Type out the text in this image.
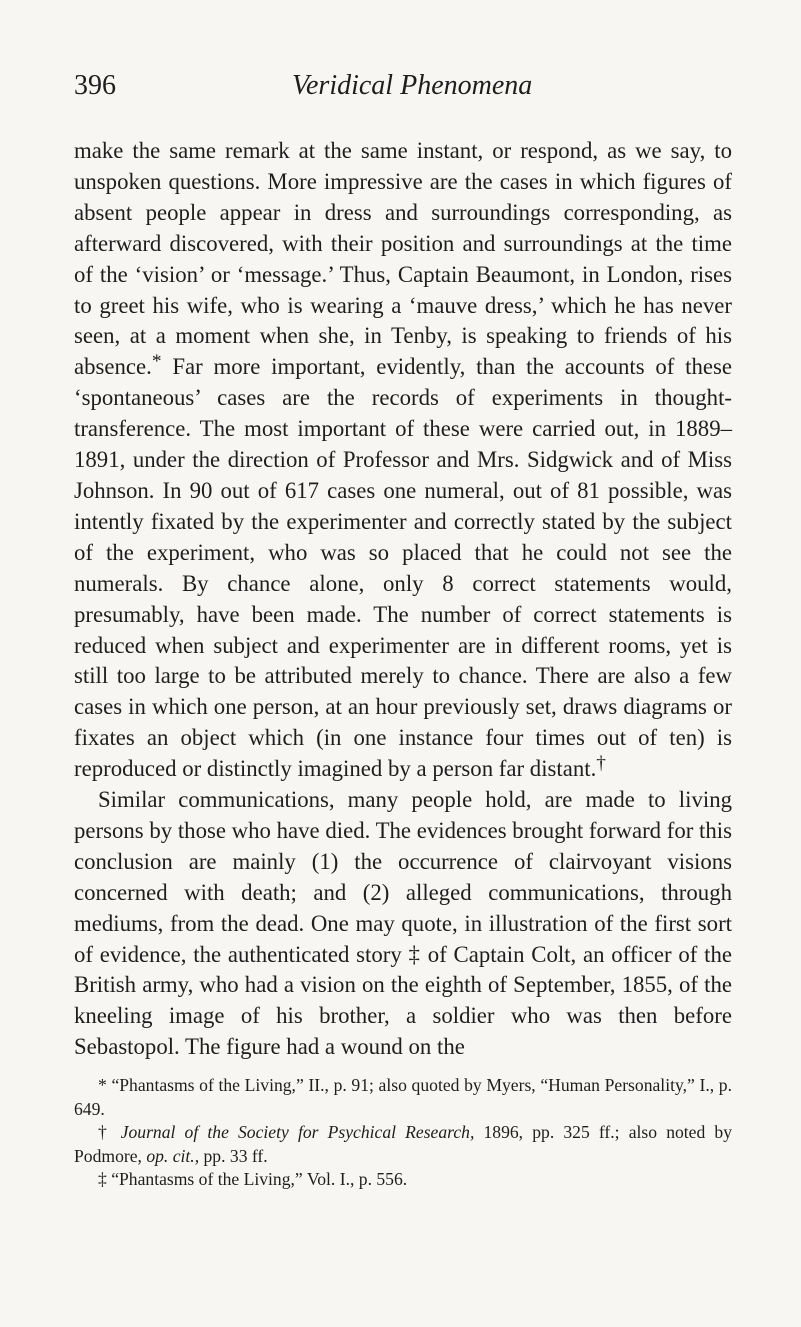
396	Veridical Phenomena

make the same remark at the same instant, or respond, as we say, to unspoken questions. More impressive are the cases in which figures of absent people appear in dress and surroundings corresponding, as afterward discovered, with their position and surroundings at the time of the ‘vision’ or ‘message.’ Thus, Captain Beaumont, in London, rises to greet his wife, who is wearing a ‘mauve dress,’ which he has never seen, at a moment when she, in Tenby, is speaking to friends of his absence.* Far more important, evidently, than the accounts of these ‘spontaneous’ cases are the records of experiments in thought-transference. The most important of these were carried out, in 1889–1891, under the direction of Professor and Mrs. Sidgwick and of Miss Johnson. In 90 out of 617 cases one numeral, out of 81 possible, was intently fixated by the experimenter and correctly stated by the subject of the experiment, who was so placed that he could not see the numerals. By chance alone, only 8 correct statements would, presumably, have been made. The number of correct statements is reduced when subject and experimenter are in different rooms, yet is still too large to be attributed merely to chance. There are also a few cases in which one person, at an hour previously set, draws diagrams or fixates an object which (in one instance four times out of ten) is reproduced or distinctly imagined by a person far distant.†

Similar communications, many people hold, are made to living persons by those who have died. The evidences brought forward for this conclusion are mainly (1) the occurrence of clairvoyant visions concerned with death; and (2) alleged communications, through mediums, from the dead. One may quote, in illustration of the first sort of evidence, the authenticated story ‡ of Captain Colt, an officer of the British army, who had a vision on the eighth of September, 1855, of the kneeling image of his brother, a soldier who was then before Sebastopol. The figure had a wound on the

* “Phantasms of the Living,” II., p. 91; also quoted by Myers, “Human Personality,” I., p. 649.

† Journal of the Society for Psychical Research, 1896, pp. 325 ff.; also noted by Podmore, op. cit., pp. 33 ff.

‡ “Phantasms of the Living,” Vol. I., p. 556.
